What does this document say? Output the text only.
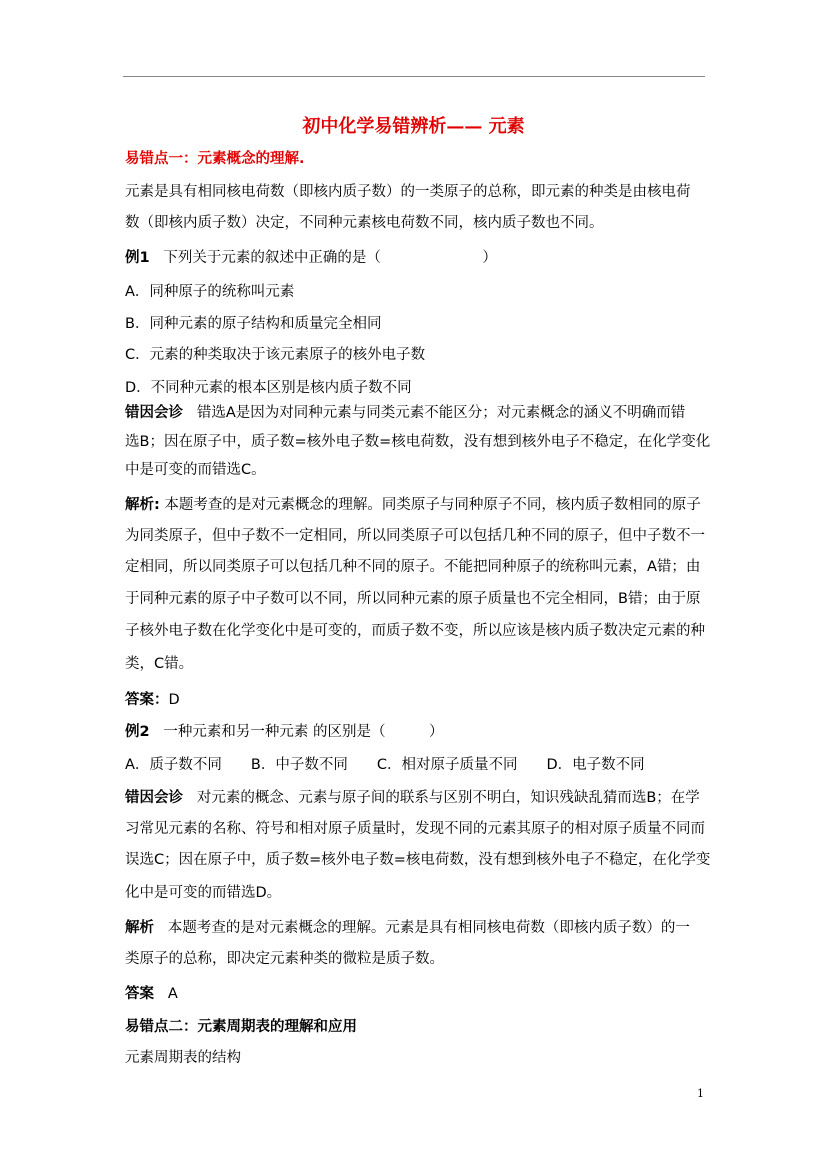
初中化学易错辨析—— 元素
易错点一：元素概念的理解.
元素是具有相同核电荷数（即核内质子数）的一类原子的总称，即元素的种类是由核电荷
数（即核内质子数）决定，不同种元素核电荷数不同，核内质子数也不同。
例1 下列关于元素的叙述中正确的是（　　　　　　　）
A．同种原子的统称叫元素
B．同种元素的原子结构和质量完全相同
C．元素的种类取决于该元素原子的核外电子数
D．不同种元素的根本区别是核内质子数不同
错因会诊 错选A是因为对同种元素与同类元素不能区分；对元素概念的涵义不明确而错
选B；因在原子中，质子数=核外电子数=核电荷数，没有想到核外电子不稳定，在化学变化
中是可变的而错选C。
解析: 本题考查的是对元素概念的理解。同类原子与同种原子不同，核内质子数相同的原子
为同类原子，但中子数不一定相同，所以同类原子可以包括几种不同的原子，但中子数不一
定相同，所以同类原子可以包括几种不同的原子。不能把同种原子的统称叫元素，A错；由
于同种元素的原子中子数可以不同，所以同种元素的原子质量也不完全相同，B错；由于原
子核外电子数在化学变化中是可变的，而质子数不变，所以应该是核内质子数决定元素的种
类，C错。
答案：D
例2 一种元素和另一种元素 的区别是（　　　）
A．质子数不同　　B．中子数不同　　C．相对原子质量不同　　D．电子数不同
错因会诊 对元素的概念、元素与原子间的联系与区别不明白，知识残缺乱猜而选B；在学
习常见元素的名称、符号和相对原子质量时，发现不同的元素其原子的相对原子质量不同而
误选C；因在原子中，质子数=核外电子数=核电荷数，没有想到核外电子不稳定，在化学变
化中是可变的而错选D。
解析 本题考查的是对元素概念的理解。元素是具有相同核电荷数（即核内质子数）的一
类原子的总称，即决定元素种类的微粒是质子数。
答案 A
易错点二：元素周期表的理解和应用
元素周期表的结构
1
